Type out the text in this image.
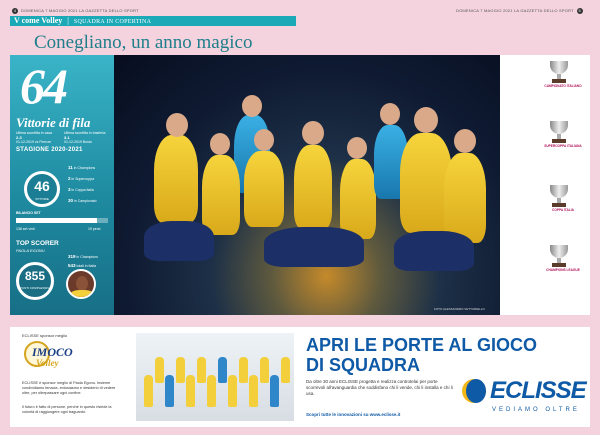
4 DOMENICA 7 MAGGIO 2021 LA GAZZETTA DELLO SPORT	DOMENICA 7 MAGGIO 2021 LA GAZZETTA DELLO SPORT 5
V come Volley | SQUADRA IN COPERTINA
Conegliano, un anno magico
FOTO ALESSANDRO VETTURIELLO
64
Vittorie di fila
Ultima sconfitta in casa
2-3
01-12-2019 vs Firenze
Ultima sconfitta in trasferta
3-1
01-12-2019 Busto
STAGIONE 2020-2021
46
VITTORIE
11 in Champions
2 in Supercoppa
3 in Coppa Italia
30 in Campionato
BILANCIO SET
138 set vinti	19 persi
TOP SCORER
PAOLA EGONU
319 in Champions
543 totali in Italia
855
PUNTI COMPLESSIVI
CAMPIONATO ITALIANO
SUPERCOPPA ITALIANA
COPPA ITALIA
CHAMPIONS LEAGUE
ECLISSE sponsor meglio
IMOCO
Volley
ECLISSE è sponsor meglio di Paola Egonu. Insieme condividiamo tenacia, entusiasmo e desiderio di vedere oltre, per oltrepassare ogni confine.
Il futuro è fatto di persone, perché in questo risiede la volontà di raggiungere ogni traguardo.
APRI LE PORTE AL GIOCO
DI SQUADRA
Da oltre 30 anni ECLISSE progetta e realizza controtelai per porte scorrevoli all'avanguardia che soddisfano chi li vende, chi li installa e chi li usa.
Scopri tutte le innovazioni su www.eclisse.it
ECLISSE
VEDIAMO OLTRE
